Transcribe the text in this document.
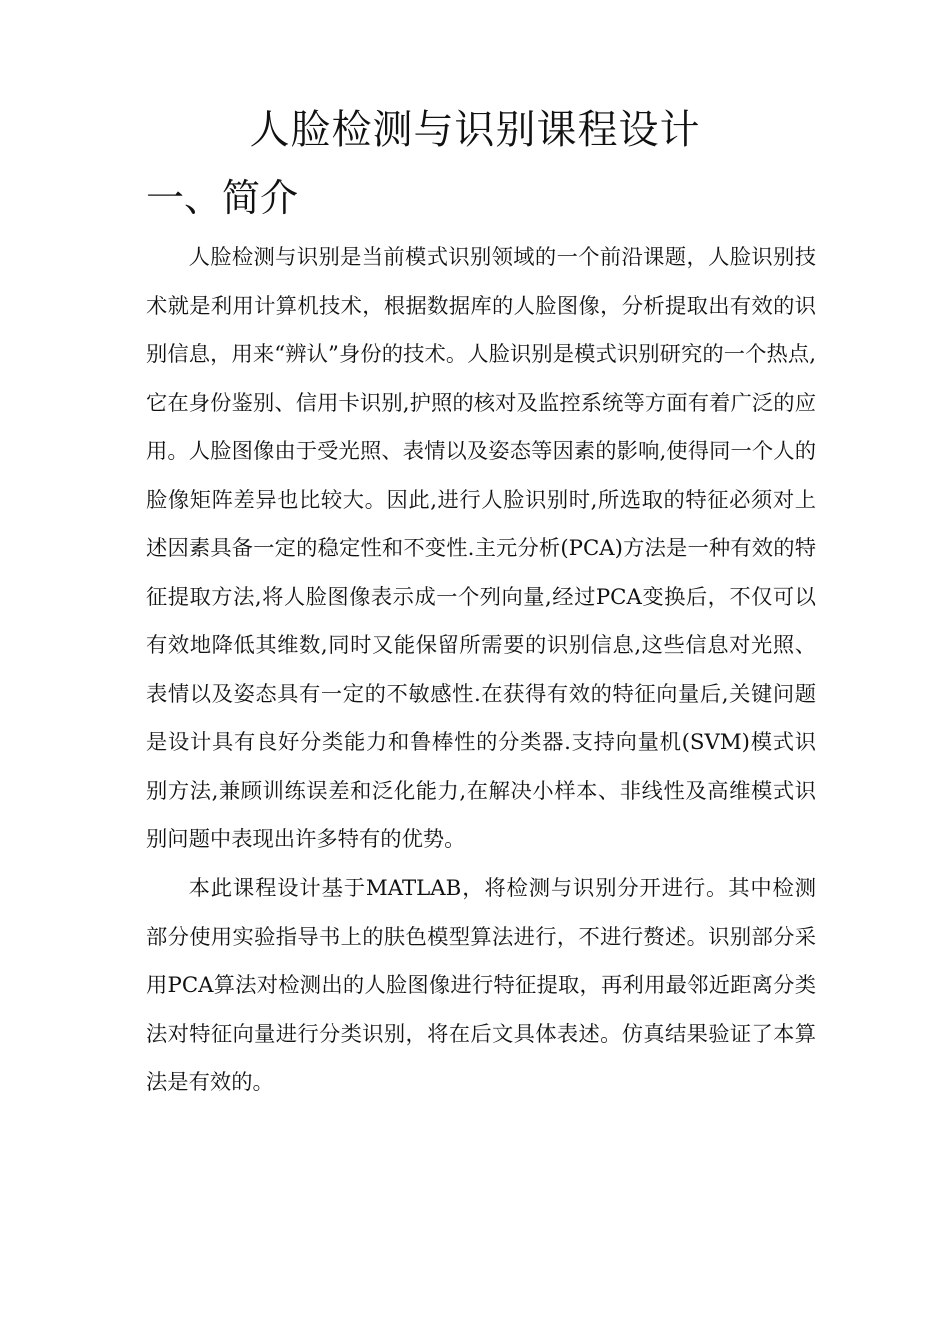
人脸检测与识别课程设计
一、简介

人脸检测与识别是当前模式识别领域的一个前沿课题，人脸识别技术就是利用计算机技术，根据数据库的人脸图像，分析提取出有效的识别信息，用来“辨认”身份的技术。人脸识别是模式识别研究的一个热点,它在身份鉴别、信用卡识别,护照的核对及监控系统等方面有着广泛的应用。人脸图像由于受光照、表情以及姿态等因素的影响,使得同一个人的脸像矩阵差异也比较大。因此,进行人脸识别时,所选取的特征必须对上述因素具备一定的稳定性和不变性.主元分析(PCA)方法是一种有效的特征提取方法,将人脸图像表示成一个列向量,经过PCA变换后，不仅可以有效地降低其维数,同时又能保留所需要的识别信息,这些信息对光照、表情以及姿态具有一定的不敏感性.在获得有效的特征向量后,关键问题是设计具有良好分类能力和鲁棒性的分类器.支持向量机(SVM)模式识别方法,兼顾训练误差和泛化能力,在解决小样本、非线性及高维模式识别问题中表现出许多特有的优势。

本此课程设计基于MATLAB，将检测与识别分开进行。其中检测部分使用实验指导书上的肤色模型算法进行，不进行赘述。识别部分采用PCA算法对检测出的人脸图像进行特征提取，再利用最邻近距离分类法对特征向量进行分类识别，将在后文具体表述。仿真结果验证了本算法是有效的。
